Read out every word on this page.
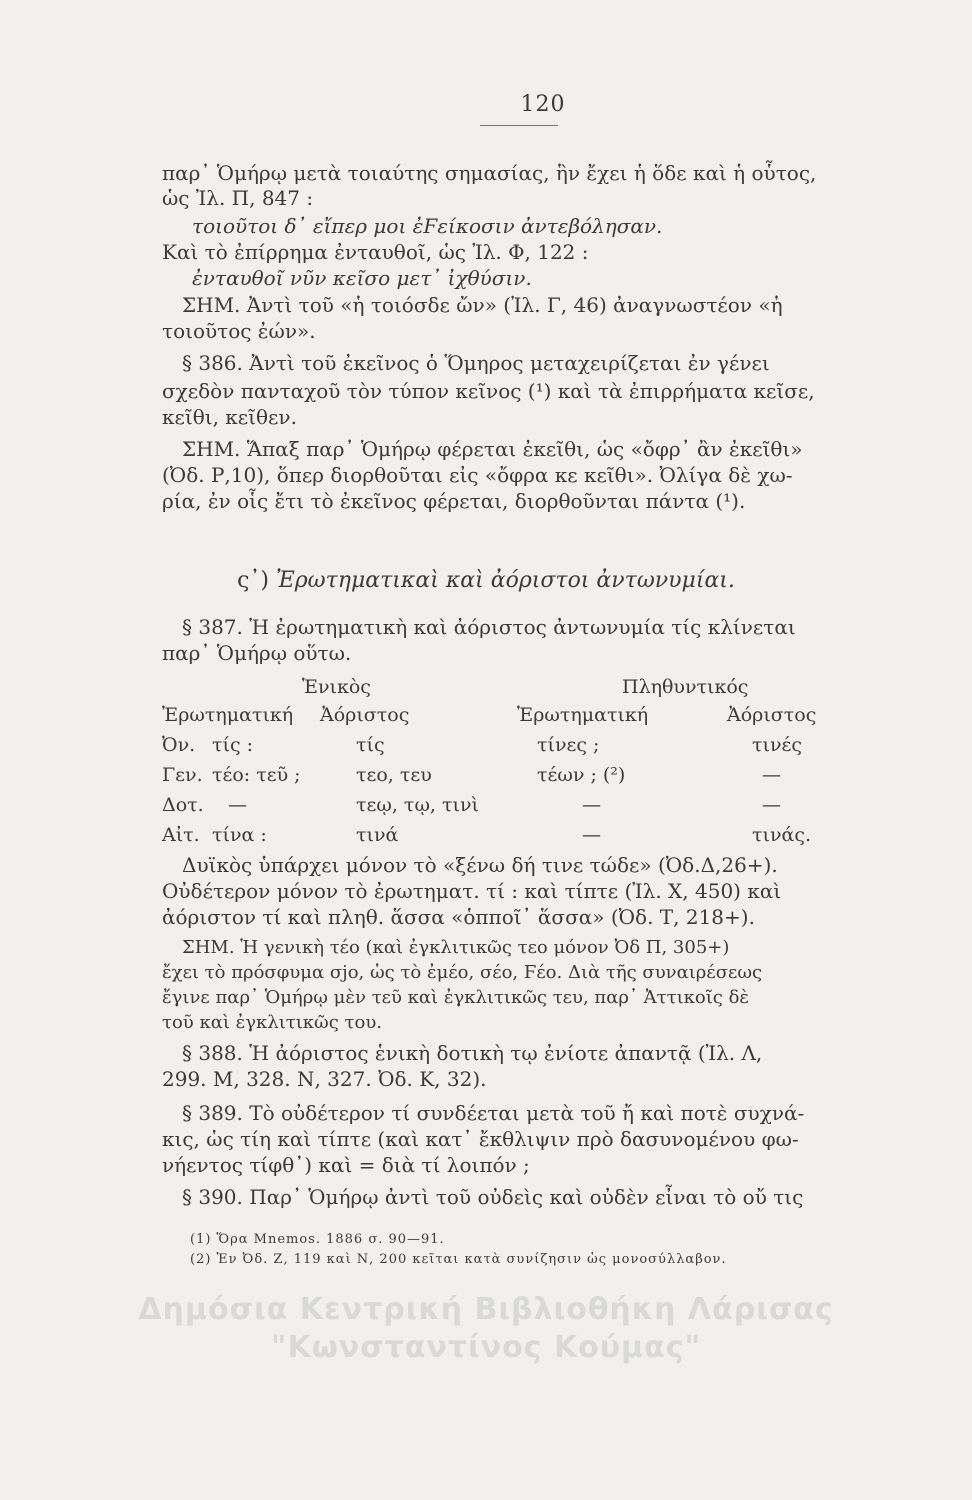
120
παρ᾽ Ὁμήρῳ μετὰ τοιαύτης σημασίας, ἣν ἔχει ἡ ὅδε καὶ ἡ οὗτος,
ὡς Ἰλ. Π, 847 :
τοιοῦτοι δ᾽ εἴπερ μοι ἐϜείκοσιν ἀντεβόλησαν.
Καὶ τὸ ἐπίρρημα ἐνταυθοῖ, ὡς Ἰλ. Φ, 122 :
ἐνταυθοῖ νῦν κεῖσο μετ᾽ ἰχθύσιν.
ΣΗΜ. Ἀντὶ τοῦ «ἡ τοιόσδε ὤν» (Ἰλ. Γ, 46) ἀναγνωστέον «ἡ
τοιοῦτος ἐών».
§ 386. Ἀντὶ τοῦ ἐκεῖνος ὁ Ὅμηρος μεταχειρίζεται ἐν γένει
σχεδὸν πανταχοῦ τὸν τύπον κεῖνος (¹) καὶ τὰ ἐπιρρήματα κεῖσε,
κεῖθι, κεῖθεν.
ΣΗΜ. Ἅπαξ παρ᾽ Ὁμήρῳ φέρεται ἐκεῖθι, ὡς «ὄφρ᾽ ἂν ἐκεῖθι»
(Ὀδ. Ρ,10), ὅπερ διορθοῦται εἰς «ὄφρα κε κεῖθι». Ὀλίγα δὲ χω-
ρία, ἐν οἷς ἔτι τὸ ἐκεῖνος φέρεται, διορθοῦνται πάντα (¹).
ς᾽) Ἐρωτηματικαὶ καὶ ἀόριστοι ἀντωνυμίαι.
§ 387. Ἡ ἐρωτηματικὴ καὶ ἀόριστος ἀντωνυμία τίς κλίνεται
παρ᾽ Ὁμήρῳ οὕτω.
Ἑνικὸς	Πληθυντικός
Ἐρωτηματική Ἀόριστος	Ἐρωτηματική	Ἀόριστος
Ὀν. τίς :	τίς	τίνες ;	τινές
Γεν. τέο: τεῦ ;	τεο, τευ	τέων ; (²)	—
Δοτ. —	τεῳ, τῳ, τινὶ	—	—
Αἰτ. τίνα :	τινά	—	τινάς.
Δυϊκὸς ὑπάρχει μόνον τὸ «ξένω δή τινε τώδε» (Ὀδ.Δ,26+).
Οὐδέτερον μόνον τὸ ἐρωτηματ. τί : καὶ τίπτε (Ἰλ. Χ, 450) καὶ
ἀόριστον τί καὶ πληθ. ἅσσα «ὁπποῖ᾽ ἅσσα» (Ὀδ. Τ, 218+).
ΣΗΜ. Ἡ γενικὴ τέο (καὶ ἐγκλιτικῶς τεο μόνον Ὀδ Π, 305+)
ἔχει τὸ πρόσφυμα σjο, ὡς τὸ ἐμέο, σέο, Ϝέο. Διὰ τῆς συναιρέσεως
ἔγινε παρ᾽ Ὁμήρῳ μὲν τεῦ καὶ ἐγκλιτικῶς τευ, παρ᾽ Ἀττικοῖς δὲ
τοῦ καὶ ἐγκλιτικῶς του.
§ 388. Ἡ ἀόριστος ἑνικὴ δοτικὴ τῳ ἐνίοτε ἀπαντᾷ (Ἰλ. Λ,
299. Μ, 328. Ν, 327. Ὀδ. Κ, 32).
§ 389. Τὸ οὐδέτερον τί συνδέεται μετὰ τοῦ ἤ καὶ ποτὲ συχνά-
κις, ὡς τίη καὶ τίπτε (καὶ κατ᾽ ἔκθλιψιν πρὸ δασυνομένου φω-
νήεντος τίφθ᾽) καὶ = διὰ τί λοιπόν ;
§ 390. Παρ᾽ Ὁμήρῳ ἀντὶ τοῦ οὐδεὶς καὶ οὐδὲν εἶναι τὸ οὔ τις
(1) Ὅρα Mnemos. 1886 σ. 90—91.
(2) Ἐν Ὀδ. Ζ, 119 καὶ Ν, 200 κεῖται κατὰ συνίζησιν ὡς μονοσύλλαβον.
Δημόσια Κεντρική Βιβλιοθήκη Λάρισας
"Κωνσταντίνος Κούμας"
